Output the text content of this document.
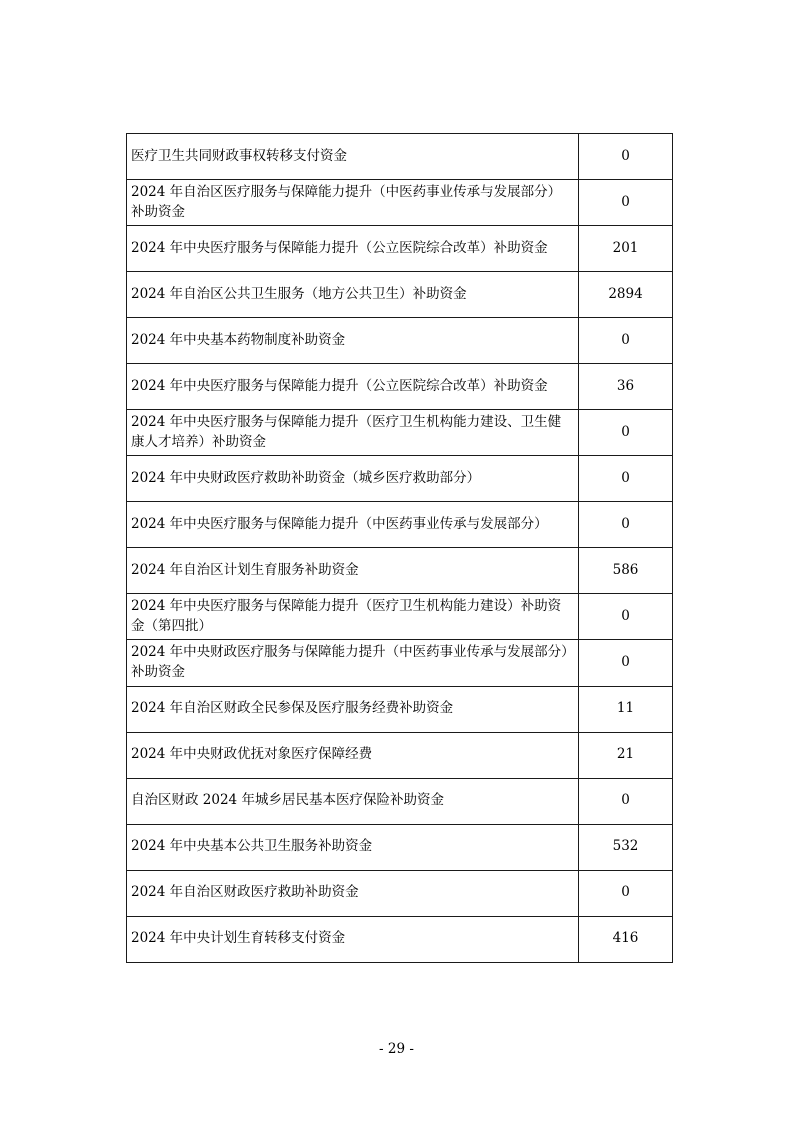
医疗卫生共同财政事权转移支付资金	0
2024 年自治区医疗服务与保障能力提升（中医药事业传承与发展部分）补助资金	0
2024 年中央医疗服务与保障能力提升（公立医院综合改革）补助资金	201
2024 年自治区公共卫生服务（地方公共卫生）补助资金	2894
2024 年中央基本药物制度补助资金	0
2024 年中央医疗服务与保障能力提升（公立医院综合改革）补助资金	36
2024 年中央医疗服务与保障能力提升（医疗卫生机构能力建设、卫生健康人才培养）补助资金	0
2024 年中央财政医疗救助补助资金（城乡医疗救助部分）	0
2024 年中央医疗服务与保障能力提升（中医药事业传承与发展部分）	0
2024 年自治区计划生育服务补助资金	586
2024 年中央医疗服务与保障能力提升（医疗卫生机构能力建设）补助资金（第四批）	0
2024 年中央财政医疗服务与保障能力提升（中医药事业传承与发展部分）补助资金	0
2024 年自治区财政全民参保及医疗服务经费补助资金	11
2024 年中央财政优抚对象医疗保障经费	21
自治区财政 2024 年城乡居民基本医疗保险补助资金	0
2024 年中央基本公共卫生服务补助资金	532
2024 年自治区财政医疗救助补助资金	0
2024 年中央计划生育转移支付资金	416
- 29 -
